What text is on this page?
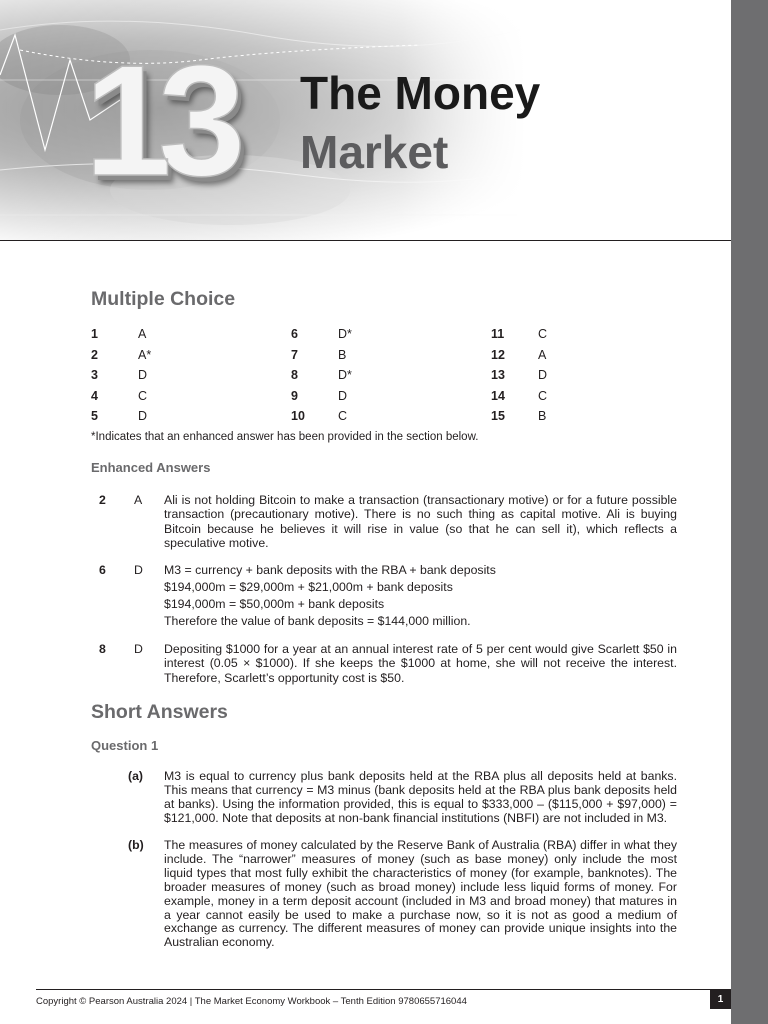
13 The Money
Market
Multiple Choice
1	A
2	A*
3	D
4	C
5	D
6	D*
7	B
8	D*
9	D
10	C
11	C
12	A
13	D
14	C
15	B
*Indicates that an enhanced answer has been provided in the section below.
Enhanced Answers
2 A Ali is not holding Bitcoin to make a transaction (transactionary motive) or for a future possible transaction (precautionary motive). There is no such thing as capital motive. Ali is buying Bitcoin because he believes it will rise in value (so that he can sell it), which reflects a speculative motive.

6 D M3 = currency + bank deposits with the RBA + bank deposits

$194,000m = $29,000m + $21,000m + bank deposits

$194,000m = $50,000m + bank deposits

Therefore the value of bank deposits = $144,000 million.

8 D Depositing $1000 for a year at an annual interest rate of 5 per cent would give Scarlett $50 in interest (0.05 × $1000). If she keeps the $1000 at home, she will not receive the interest. Therefore, Scarlett’s opportunity cost is $50.

Short Answers
Question 1
(a) M3 is equal to currency plus bank deposits held at the RBA plus all deposits held at banks. This means that currency = M3 minus (bank deposits held at the RBA plus bank deposits held at banks). Using the information provided, this is equal to $333,000 – ($115,000 + $97,000) = $121,000. Note that deposits at non-bank financial institutions (NBFI) are not included in M3.
(b) The measures of money calculated by the Reserve Bank of Australia (RBA) differ in what they include. The “narrower” measures of money (such as base money) only include the most liquid types that most fully exhibit the characteristics of money (for example, banknotes). The broader measures of money (such as broad money) include less liquid forms of money. For example, money in a term deposit account (included in M3 and broad money) that matures in a year cannot easily be used to make a purchase now, so it is not as good a medium of exchange as currency. The different measures of money can provide unique insights into the Australian economy.
Copyright © Pearson Australia 2024 | The Market Economy Workbook – Tenth Edition 9780655716044	1
